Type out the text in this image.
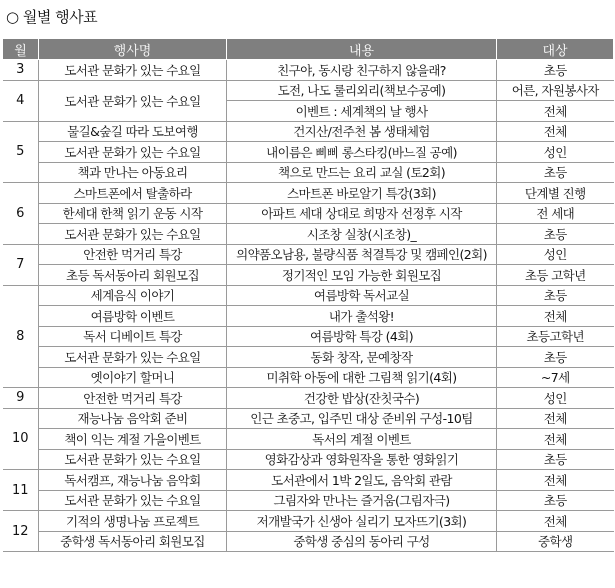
○ 월별 행사표
월	행사명	내용	대상
3	도서관 문화가 있는 수요일	친구야, 동시랑 친구하지 않을래?	초등
4	도서관 문화가 있는 수요일	도전, 나도 룰리외리(책보수공예)	어른, 자원봉사자
		이벤트 : 세계책의 날 행사	전체
5	물길&숲길 따라 도보여행	건지산/전주천 봄 생태체험	전체
	도서관 문화가 있는 수요일	내이름은 삐삐 롱스타킹(바느질 공예)	성인
	책과 만나는 아동요리	책으로 만드는 요리 교실 (토2회)	초등
6	스마트폰에서 탈출하라	스마트폰 바로알기 특강(3회)	단계별 진행
	한세대 한책 읽기 운동 시작	아파트 세대 상대로 희망자 선정후 시작	전 세대
	도서관 문화가 있는 수요일	시조창 실창(시조창)_	초등
7	안전한 먹거리 특강	의약품오남용, 불량식품 척결특강 및 캠페인(2회)	성인
	초등 독서동아리 회원모집	정기적인 모임 가능한 회원모집	초등 고학년
8	세계음식 이야기	여름방학 독서교실	초등
	여름방학 이벤트	내가 출석왕!	전체
	독서 디베이트 특강	여름방학 특강 (4회)	초등고학년
	도서관 문화가 있는 수요일	동화 창작, 문예창작	초등
	옛이야기 할머니	미취학 아동에 대한 그림책 읽기(4회)	~7세
9	안전한 먹거리 특강	건강한 밥상(잔칫국수)	성인
10	재능나눔 음악회 준비	인근 초중고, 입주민 대상 준비위 구성-10팀	전체
	책이 익는 계절 가을이벤트	독서의 계절 이벤트	전체
	도서관 문화가 있는 수요일	영화감상과 영화원작을 통한 영화읽기	초등
11	독서캠프, 재능나눔 음악회	도서관에서 1박 2일도, 음악회 관람	전체
	도서관 문화가 있는 수요일	그림자와 만나는 즐거움(그림자극)	초등
12	기적의 생명나눔 프로젝트	저개발국가 신생아 실리기 모자뜨기(3회)	전체
	중학생 독서동아리 회원모집	중학생 중심의 동아리 구성	중학생
